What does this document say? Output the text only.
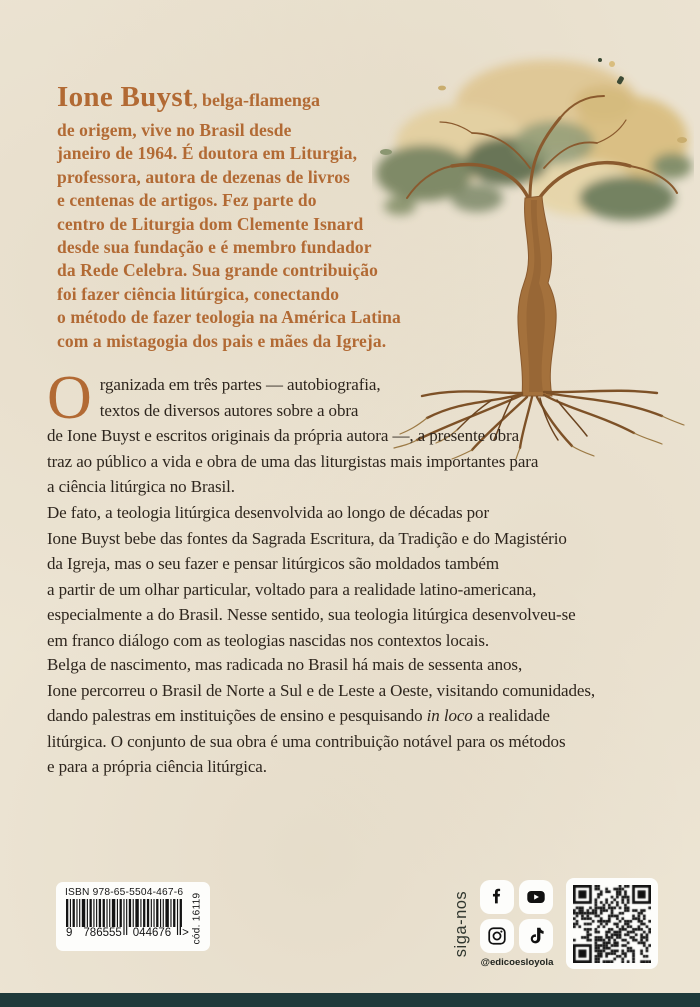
Ione Buyst, belga-flamenga
de origem, vive no Brasil desde
janeiro de 1964. É doutora em Liturgia,
professora, autora de dezenas de livros
e centenas de artigos. Fez parte do
centro de Liturgia dom Clemente Isnard
desde sua fundação e é membro fundador
da Rede Celebra. Sua grande contribuição
foi fazer ciência litúrgica, conectando
o método de fazer teologia na América Latina
com a mistagogia dos pais e mães da Igreja.
O rganizada em três partes — autobiografia,
textos de diversos autores sobre a obra
de Ione Buyst e escritos originais da própria autora —, a presente obra
traz ao público a vida e obra de uma das liturgistas mais importantes para
a ciência litúrgica no Brasil.
De fato, a teologia litúrgica desenvolvida ao longo de décadas por
Ione Buyst bebe das fontes da Sagrada Escritura, da Tradição e do Magistério
da Igreja, mas o seu fazer e pensar litúrgicos são moldados também
a partir de um olhar particular, voltado para a realidade latino-americana,
especialmente a do Brasil. Nesse sentido, sua teologia litúrgica desenvolveu-se
em franco diálogo com as teologias nascidas nos contextos locais.
Belga de nascimento, mas radicada no Brasil há mais de sessenta anos,
Ione percorreu o Brasil de Norte a Sul e de Leste a Oeste, visitando comunidades,
dando palestras em instituições de ensino e pesquisando in loco a realidade
litúrgica. O conjunto de sua obra é uma contribuição notável para os métodos
e para a própria ciência litúrgica.
ISBN 978-65-5504-467-6
9 786555 044676 > cód. 16119	siga-nos
@edicoesloyola
